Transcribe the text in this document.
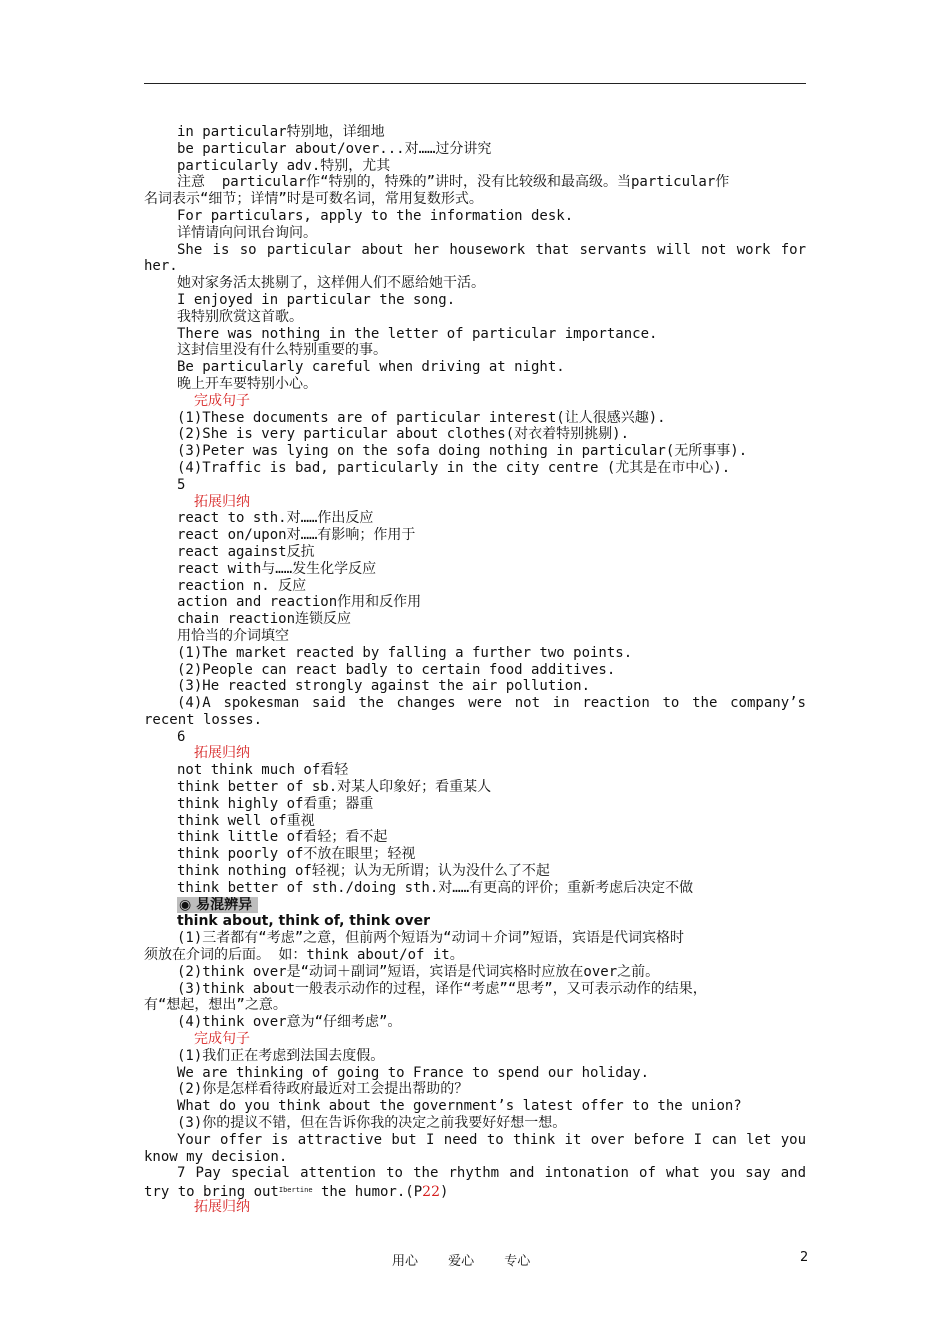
in particular特别地，详细地
be particular about/over...对……过分讲究
particularly adv.特别，尤其
注意  particular作“特别的，特殊的”讲时，没有比较级和最高级。当particular作
名词表示“细节；详情”时是可数名词，常用复数形式。
For particulars, apply to the information desk.
详情请向问讯台询问。
She is so particular about her housework that servants will not work for
her.
她对家务活太挑剔了，这样佣人们不愿给她干活。
I enjoyed in particular the song.
我特别欣赏这首歌。
There was nothing in the letter of particular importance.
这封信里没有什么特别重要的事。
Be particularly careful when driving at night.
晚上开车要特别小心。
完成句子
(1)These documents are of particular interest(让人很感兴趣).
(2)She is very particular about clothes(对衣着特别挑剔).
(3)Peter was lying on the sofa doing nothing in particular(无所事事).
(4)Traffic is bad, particularly in the city centre (尤其是在市中心).
5
拓展归纳
react to sth.对……作出反应
react on/upon对……有影响；作用于
react against反抗
react with与……发生化学反应
reaction n. 反应
action and reaction作用和反作用
chain reaction连锁反应
用恰当的介词填空
(1)The market reacted by falling a further two points.
(2)People can react badly to certain food additives.
(3)He reacted strongly against the air pollution.
(4)A spokesman said the changes were not in reaction to the company’s
recent losses.
6
拓展归纳
not think much of看轻
think better of sb.对某人印象好；看重某人
think highly of看重；器重
think well of重视
think little of看轻；看不起
think poorly of不放在眼里；轻视
think nothing of轻视；认为无所谓；认为没什么了不起
think better of sth./doing sth.对……有更高的评价；重新考虑后决定不做
◉ 易混辨异
think about, think of, think over
(1)三者都有“考虑”之意，但前两个短语为“动词＋介词”短语，宾语是代词宾格时
须放在介词的后面。 如：think about/of it。
(2)think over是“动词＋副词”短语，宾语是代词宾格时应放在over之前。
(3)think about一般表示动作的过程，译作“考虑”“思考”，又可表示动作的结果，
有“想起，想出”之意。
(4)think over意为“仔细考虑”。
完成句子
(1)我们正在考虑到法国去度假。
We are thinking of going to France to spend our holiday.
(2)你是怎样看待政府最近对工会提出帮助的？
What do you think about the government’s latest offer to the union?
(3)你的提议不错，但在告诉你我的决定之前我要好好想一想。
Your offer is attractive but I need to think it over before I can let you
know my decision.
7 Pay special attention to the rhythm and intonation of what you say and
try to bring out$^{Ibertine}$ the humor.(P22)
拓展归纳
用心 爱心 专心	2
